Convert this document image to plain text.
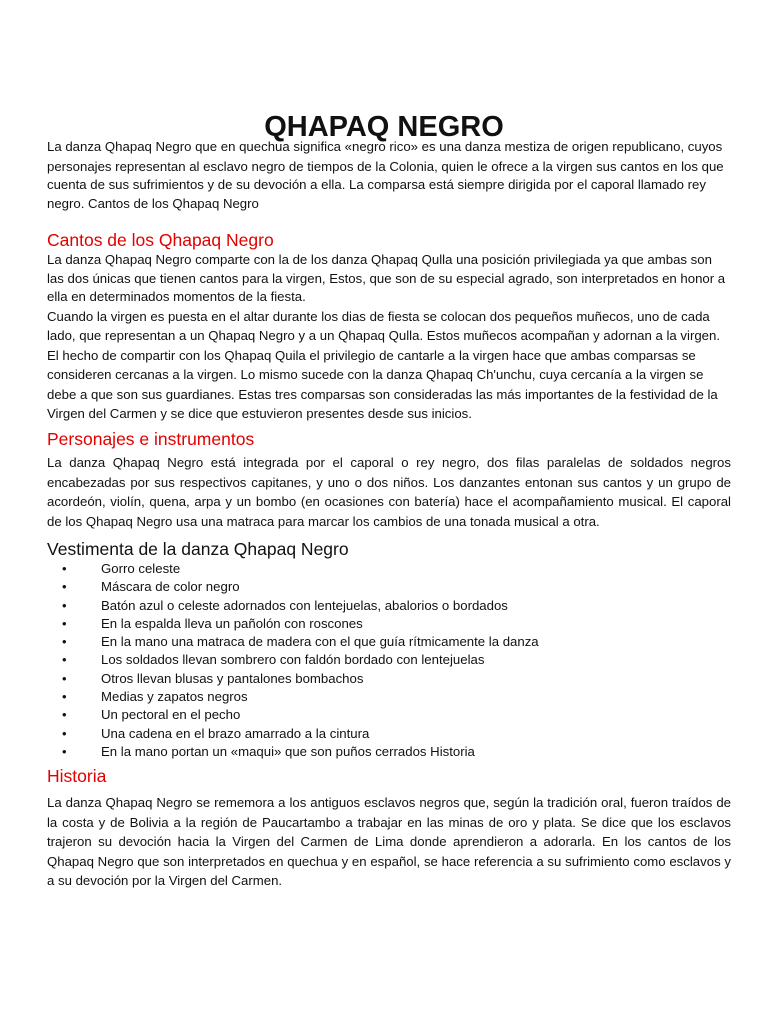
QHAPAQ NEGRO

La danza Qhapaq Negro que en quechua significa «negro rico» es una danza mestiza de origen republicano, cuyos personajes representan al esclavo negro de tiempos de la Colonia, quien le ofrece a la virgen sus cantos en los que

cuenta de sus sufrimientos y de su devoción a ella. La comparsa está siempre dirigida por el caporal llamado rey negro. Cantos de los Qhapaq Negro

Cantos de los Qhapaq Negro

La danza Qhapaq Negro comparte con la de los danza Qhapaq Qulla una posición privilegiada ya que ambas son las dos únicas que tienen cantos para la virgen, Estos, que son de su especial agrado, son interpretados en honor a ella en determinados momentos de la fiesta.

Cuando la virgen es puesta en el altar durante los dias de fiesta se colocan dos pequeños muñecos, uno de cada lado, que representan a un Qhapaq Negro y a un Qhapaq Qulla. Estos muñecos acompañan y adornan a la virgen. El hecho de compartir con los Qhapaq Quila el privilegio de cantarle a la virgen hace que ambas comparsas se consideren cercanas a la virgen. Lo mismo sucede con la danza Qhapaq Ch'unchu, cuya cercanía a la virgen se debe a que son sus guardianes. Estas tres comparsas son consideradas las más importantes de la festividad de la Virgen del Carmen y se dice que estuvieron presentes desde sus inicios.

Personajes e instrumentos

La danza Qhapaq Negro está integrada por el caporal o rey negro, dos filas paralelas de soldados negros encabezadas por sus respectivos capitanes, y uno o dos niños. Los danzantes entonan sus cantos y un grupo de acordeón, violín, quena, arpa y un bombo (en ocasiones con batería) hace el acompañamiento musical. El caporal de los Qhapaq Negro usa una matraca para marcar los cambios de una tonada musical a otra.

Vestimenta de la danza Qhapaq Negro
• Gorro celeste
• Máscara de color negro
• Batón azul o celeste adornados con lentejuelas, abalorios o bordados
• En la espalda lleva un pañolón con roscones
• En la mano una matraca de madera con el que guía rítmicamente la danza
• Los soldados llevan sombrero con faldón bordado con lentejuelas
• Otros llevan blusas y pantalones bombachos
• Medias y zapatos negros
• Un pectoral en el pecho
• Una cadena en el brazo amarrado a la cintura
• En la mano portan un «maqui» que son puños cerrados Historia
Historia

La danza Qhapaq Negro se rememora a los antiguos esclavos negros que, según la tradición oral, fueron traídos de la costa y de Bolivia a la región de Paucartambo a trabajar en las minas de oro y plata. Se dice que los esclavos trajeron su devoción hacia la Virgen del Carmen de Lima donde aprendieron a adorarla. En los cantos de los Qhapaq Negro que son interpretados en quechua y en español, se hace referencia a su sufrimiento como esclavos y a su devoción por la Virgen del Carmen.
